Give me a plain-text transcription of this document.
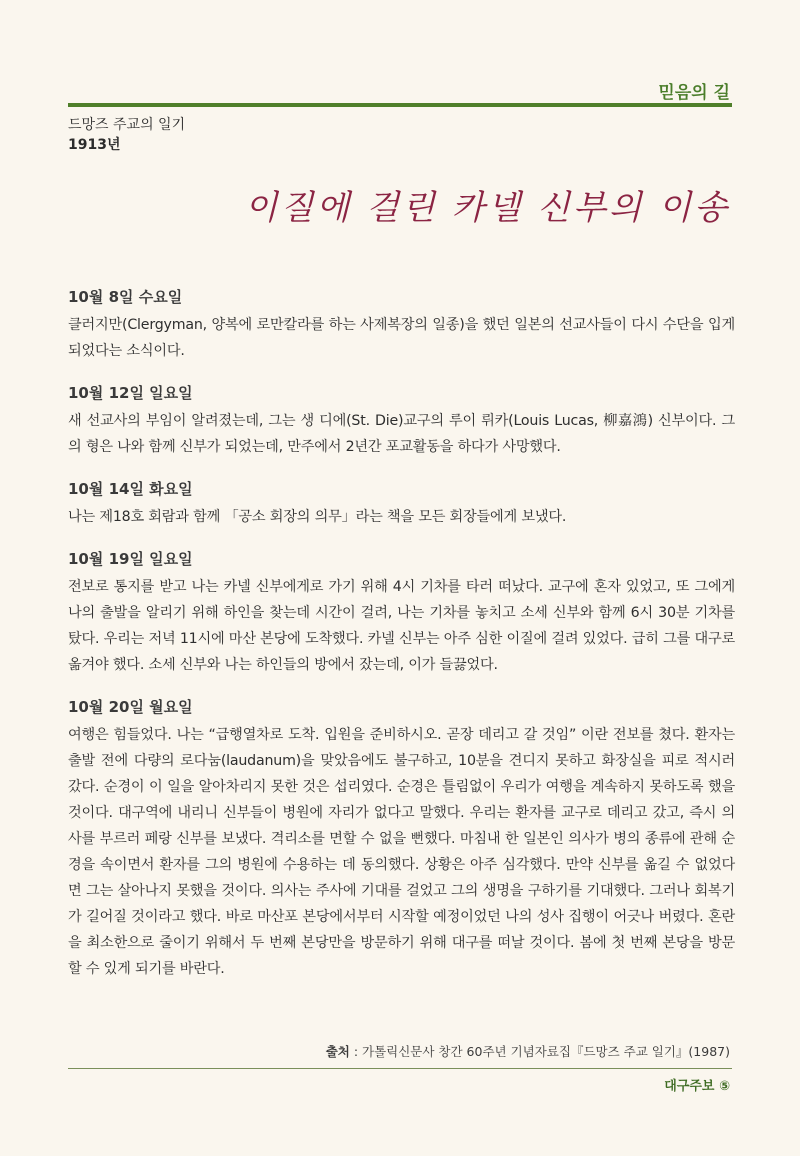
믿음의 길
드망즈 주교의 일기
1913년
이질에 걸린 카넬 신부의 이송
10월 8일 수요일
클러지만(Clergyman, 양복에 로만칼라를 하는 사제복장의 일종)을 했던 일본의 선교사들이 다시 수단을 입게 되었다는 소식이다.
10월 12일 일요일
새 선교사의 부임이 알려졌는데, 그는 생 디에(St. Die)교구의 루이 뤼카(Louis Lucas, 柳嘉鴻) 신부이다. 그의 형은 나와 함께 신부가 되었는데, 만주에서 2년간 포교활동을 하다가 사망했다.
10월 14일 화요일
나는 제18호 회람과 함께 「공소 회장의 의무」라는 책을 모든 회장들에게 보냈다.
10월 19일 일요일
전보로 통지를 받고 나는 카넬 신부에게로 가기 위해 4시 기차를 타러 떠났다. 교구에 혼자 있었고, 또 그에게 나의 출발을 알리기 위해 하인을 찾는데 시간이 걸려, 나는 기차를 놓치고 소세 신부와 함께 6시 30분 기차를 탔다. 우리는 저녁 11시에 마산 본당에 도착했다. 카넬 신부는 아주 심한 이질에 걸려 있었다. 급히 그를 대구로 옮겨야 했다. 소세 신부와 나는 하인들의 방에서 잤는데, 이가 들끓었다.
10월 20일 월요일
여행은 힘들었다. 나는 “급행열차로 도착. 입원을 준비하시오. 곧장 데리고 갈 것임” 이란 전보를 쳤다. 환자는 출발 전에 다량의 로다눔(laudanum)을 맞았음에도 불구하고, 10분을 견디지 못하고 화장실을 피로 적시러 갔다. 순경이 이 일을 알아차리지 못한 것은 섭리였다. 순경은 틀림없이 우리가 여행을 계속하지 못하도록 했을 것이다. 대구역에 내리니 신부들이 병원에 자리가 없다고 말했다. 우리는 환자를 교구로 데리고 갔고, 즉시 의사를 부르러 페랑 신부를 보냈다. 격리소를 면할 수 없을 뻔했다. 마침내 한 일본인 의사가 병의 종류에 관해 순경을 속이면서 환자를 그의 병원에 수용하는 데 동의했다. 상황은 아주 심각했다. 만약 신부를 옮길 수 없었다면 그는 살아나지 못했을 것이다. 의사는 주사에 기대를 걸었고 그의 생명을 구하기를 기대했다. 그러나 회복기가 길어질 것이라고 했다. 바로 마산포 본당에서부터 시작할 예정이었던 나의 성사 집행이 어긋나 버렸다. 혼란을 최소한으로 줄이기 위해서 두 번째 본당만을 방문하기 위해 대구를 떠날 것이다. 봄에 첫 번째 본당을 방문할 수 있게 되기를 바란다.
출처 : 가톨릭신문사 창간 60주년 기념자료집『드망즈 주교 일기』(1987)
대구주보 ⑤
